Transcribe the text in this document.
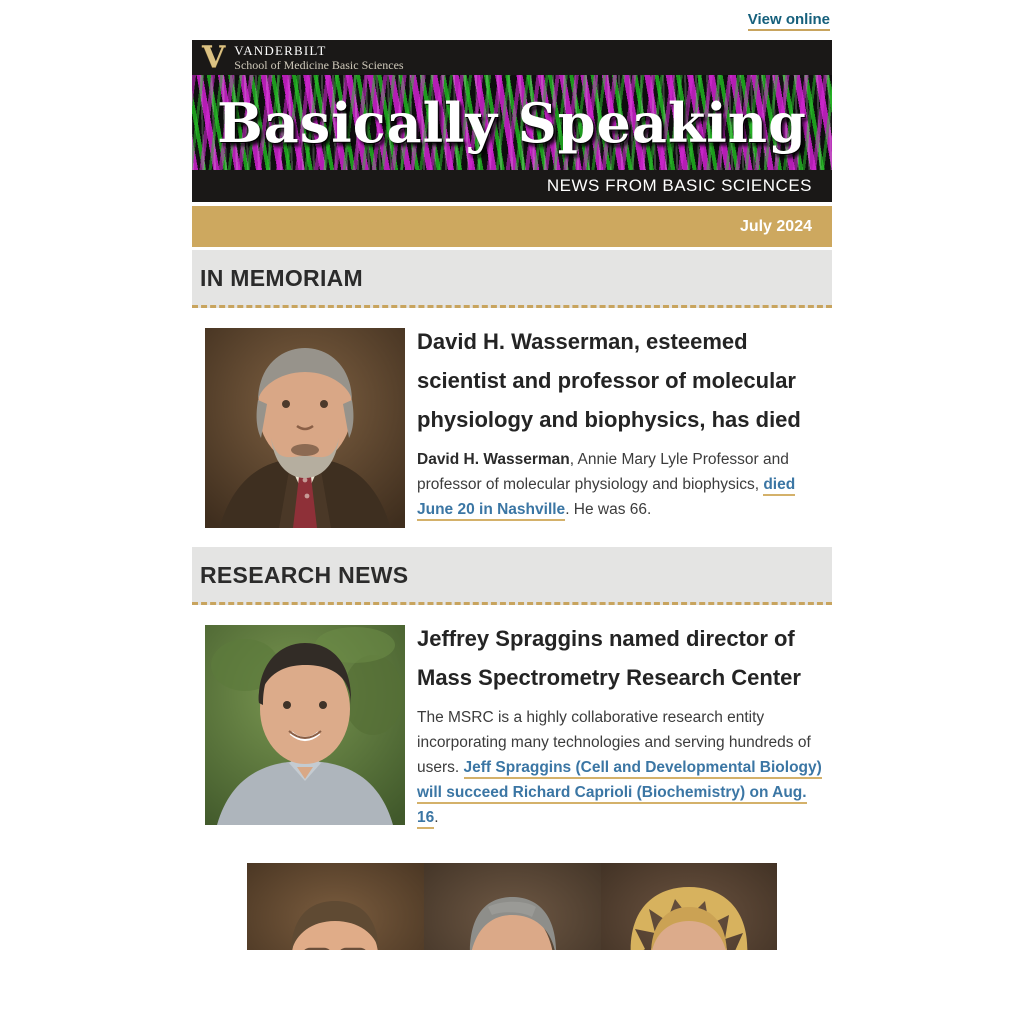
View online
V VANDERBILT
School of Medicine Basic Sciences
Basically Speaking
NEWS FROM BASIC SCIENCES
July 2024
IN MEMORIAM
David H. Wasserman, esteemed scientist and professor of molecular physiology and biophysics, has died

David H. Wasserman, Annie Mary Lyle Professor and professor of molecular physiology and biophysics, died June 20 in Nashville. He was 66.

RESEARCH NEWS
Jeffrey Spraggins named director of Mass Spectrometry Research Center

The MSRC is a highly collaborative research entity incorporating many technologies and serving hundreds of users. Jeff Spraggins (Cell and Developmental Biology) will succeed Richard Caprioli (Biochemistry) on Aug. 16.
